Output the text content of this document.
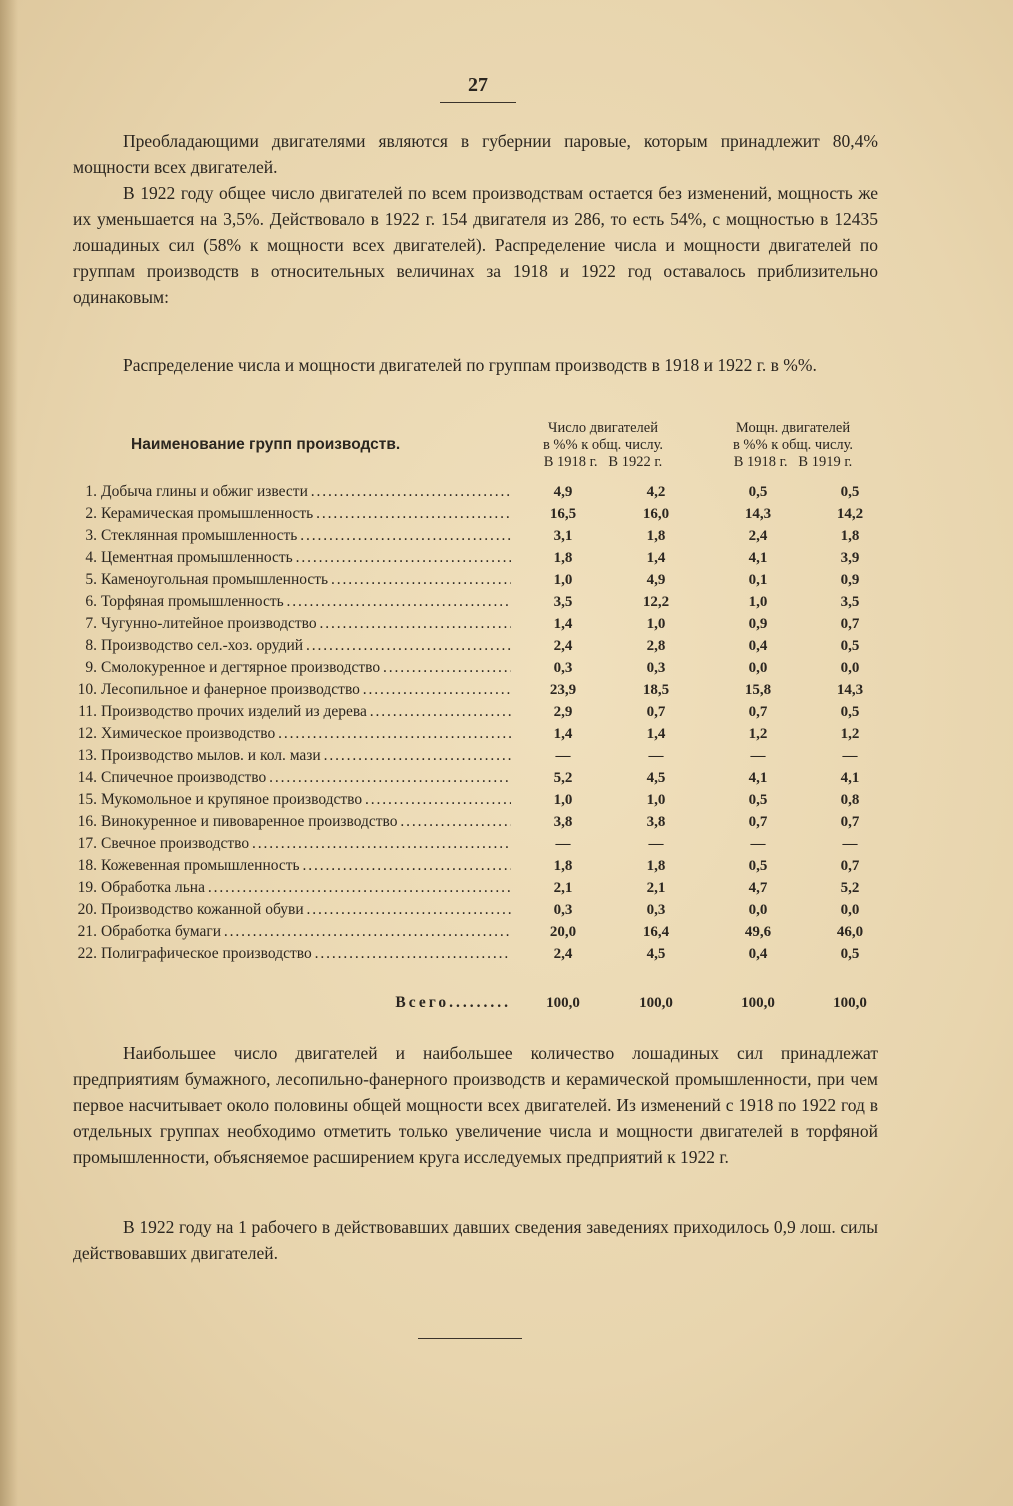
27
Преобладающими двигателями являются в губернии паровые, которым принадлежит 80,4% мощности всех двигателей.
В 1922 году общее число двигателей по всем производствам остается без изменений, мощность же их уменьшается на 3,5%. Действовало в 1922 г. 154 двигателя из 286, то есть 54%, с мощностью в 12435 лошадиных сил (58% к мощности всех двигателей). Распределение числа и мощности двигателей по группам производств в относительных величинах за 1918 и 1922 год оставалось приблизительно одинаковым:
Распределение числа и мощности двигателей по группам производств в 1918 и 1922 г. в %%.
Наименование групп производств.
Число двигателей
в %% к общ. числу.
В 1918 г.   В 1922 г.
Мощн. двигателей
в %% к общ. числу.
В 1918 г.   В 1919 г.
1. Добыча глины и обжиг извести . . .	4,9	4,2	0,5	0,5
2. Керамическая промышленность . . .	16,5	16,0	14,3	14,2
3. Стеклянная промышленность . . .	3,1	1,8	2,4	1,8
4. Цементная промышленность . . .	1,8	1,4	4,1	3,9
5. Каменоугольная промышленность . . .	1,0	4,9	0,1	0,9
6. Торфяная промышленность . . .	3,5	12,2	1,0	3,5
7. Чугунно-литейное производство . . .	1,4	1,0	0,9	0,7
8. Производство сел.-хоз. орудий . . .	2,4	2,8	0,4	0,5
9. Смолокуренное и дегтярное производство . . .	0,3	0,3	0,0	0,0
10. Лесопильное и фанерное производство . . .	23,9	18,5	15,8	14,3
11. Производство прочих изделий из дерева . . .	2,9	0,7	0,7	0,5
12. Химическое производство . . .	1,4	1,4	1,2	1,2
13. Производство мылов. и кол. мази . . .	—	—	—	—
14. Спичечное производство . . .	5,2	4,5	4,1	4,1
15. Мукомольное и крупяное производство . . .	1,0	1,0	0,5	0,8
16. Винокуренное и пивоваренное производство . . .	3,8	3,8	0,7	0,7
17. Свечное производство . . .	—	—	—	—
18. Кожевенная промышленность . . .	1,8	1,8	0,5	0,7
19. Обработка льна . . .	2,1	2,1	4,7	5,2
20. Производство кожанной обуви . . .	0,3	0,3	0,0	0,0
21. Обработка бумаги . . .	20,0	16,4	49,6	46,0
22. Полиграфическое производство . . .	2,4	4,5	0,4	0,5
Всего.........	100,0	100,0	100,0	100,0
Наибольшее число двигателей и наибольшее количество лошадиных сил принадлежат предприятиям бумажного, лесопильно-фанерного производств и керамической промышленности, при чем первое насчитывает около половины общей мощности всех двигателей. Из изменений с 1918 по 1922 год в отдельных группах необходимо отметить только увеличение числа и мощности двигателей в торфяной промышленности, объясняемое расширением круга исследуемых предприятий к 1922 г.
В 1922 году на 1 рабочего в действовавших давших сведения заведениях приходилось 0,9 лош. силы действовавших двигателей.
